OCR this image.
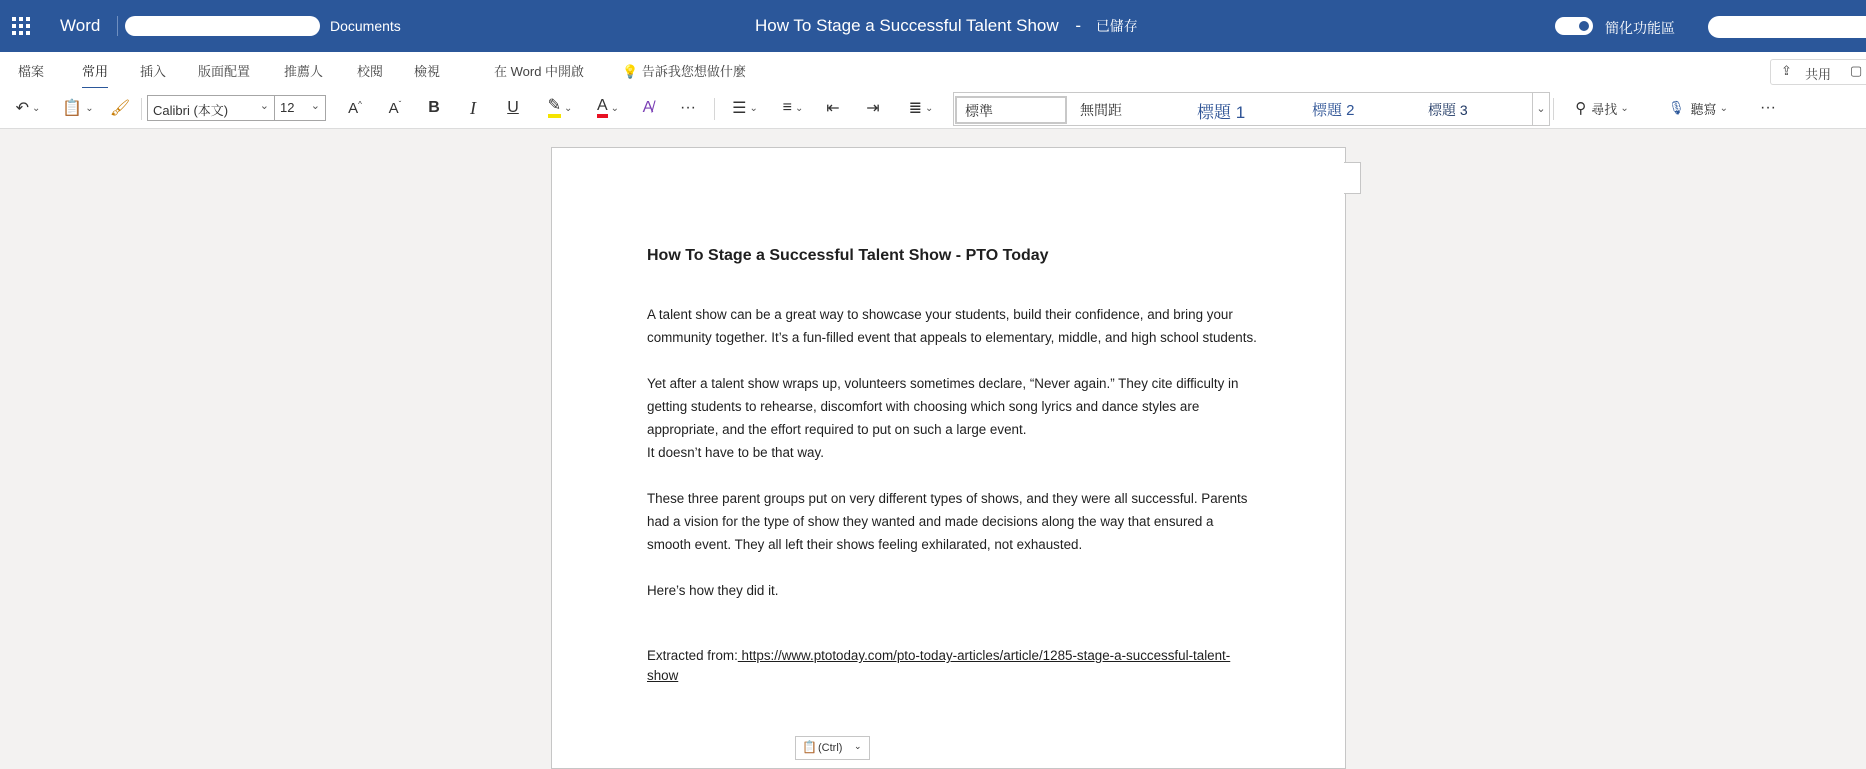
Word	› Documents	How To Stage a Successful Talent Show - 已儲存	簡化功能區
檔案	常用 插入 版面配置	推薦人	校閱 檢視	在 Word 中開啟	💡 告訴我您想做什麼	⇪ 共用 ▢
↶ ⌄ 📋 ⌄ 🖌 Calibri (本文)	⌄ 12 ⌄ A^ $A^ˇ$ B I U ✎ ⌄ A ⌄ A̸ ··· ☰ ⌄ ≡ ⌄ ⇤ ⇥ ≣ ⌄	標準	無間距	標題 1	標題 2	標題 3	⌄ ⚲ 尋找 ⌄	🎙 聽寫 ⌄ ···
How To Stage a Successful Talent Show - PTO Today

A talent show can be a great way to showcase your students, build their confidence, and bring your community together. It’s a fun-filled event that appeals to elementary, middle, and high school students.

Yet after a talent show wraps up, volunteers sometimes declare, “Never again.” They cite difficulty in getting students to rehearse, discomfort with choosing which song lyrics and dance styles are appropriate, and the effort required to put on such a large event.

It doesn’t have to be that way.

These three parent groups put on very different types of shows, and they were all successful. Parents had a vision for the type of show they wanted and made decisions along the way that ensured a smooth event. They all left their shows feeling exhilarated, not exhausted.

Here’s how they did it.

Extracted from: https://www.ptotoday.com/pto-today-articles/article/1285-stage-a-successful-talent-show
📋 (Ctrl) ⌄
